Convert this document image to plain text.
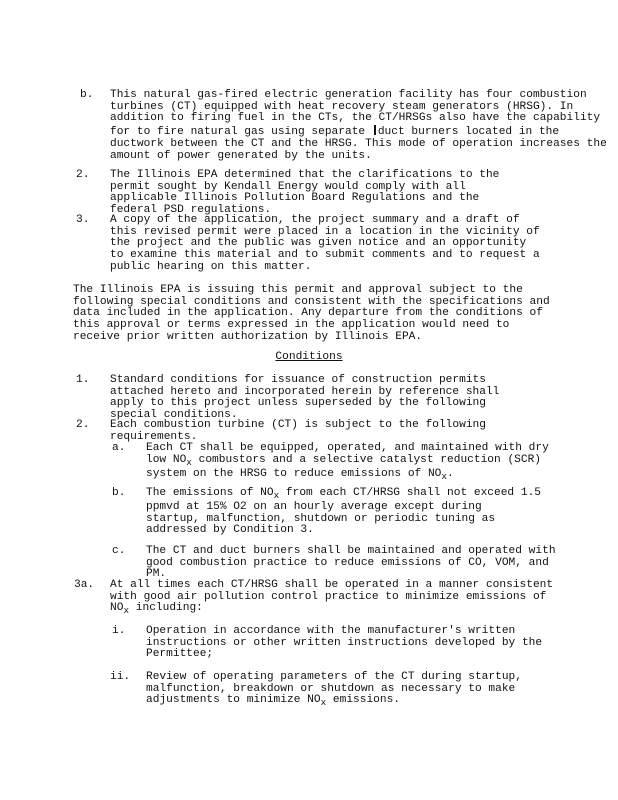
b. This natural gas-fired electric generation facility has four combustion turbines (CT) equipped with heat recovery steam generators (HRSG). In addition to firing fuel in the CTs, the CT/HRSGs also have the capability for to fire natural gas using separate duct burners located in the ductwork between the CT and the HRSG. This mode of operation increases the amount of power generated by the units.

2. The Illinois EPA determined that the clarifications to the permit sought by Kendall Energy would comply with all applicable Illinois Pollution Board Regulations and the federal PSD regulations.

3. A copy of the application, the project summary and a draft of this revised permit were placed in a location in the vicinity of the project and the public was given notice and an opportunity to examine this material and to submit comments and to request a public hearing on this matter.

The Illinois EPA is issuing this permit and approval subject to the following special conditions and consistent with the specifications and data included in the application. Any departure from the conditions of this approval or terms expressed in the application would need to receive prior written authorization by Illinois EPA.

Conditions

1. Standard conditions for issuance of construction permits attached hereto and incorporated herein by reference shall apply to this project unless superseded by the following special conditions.

2. Each combustion turbine (CT) is subject to the following requirements.

a. Each CT shall be equipped, operated, and maintained with dry low $NO_x$ combustors and a selective catalyst reduction (SCR) system on the HRSG to reduce emissions of $NO_x$.

b. The emissions of $NO_x$ from each CT/HRSG shall not exceed 1.5 ppmvd at 15% O2 on an hourly average except during startup, malfunction, shutdown or periodic tuning as addressed by Condition 3.

c. The CT and duct burners shall be maintained and operated with good combustion practice to reduce emissions of CO, VOM, and PM.

3a. At all times each CT/HRSG shall be operated in a manner consistent with good air pollution control practice to minimize emissions of $NO_x$ including:

i. Operation in accordance with the manufacturer's written instructions or other written instructions developed by the Permittee;

ii. Review of operating parameters of the CT during startup, malfunction, breakdown or shutdown as necessary to make adjustments to minimize $NO_x$ emissions.
